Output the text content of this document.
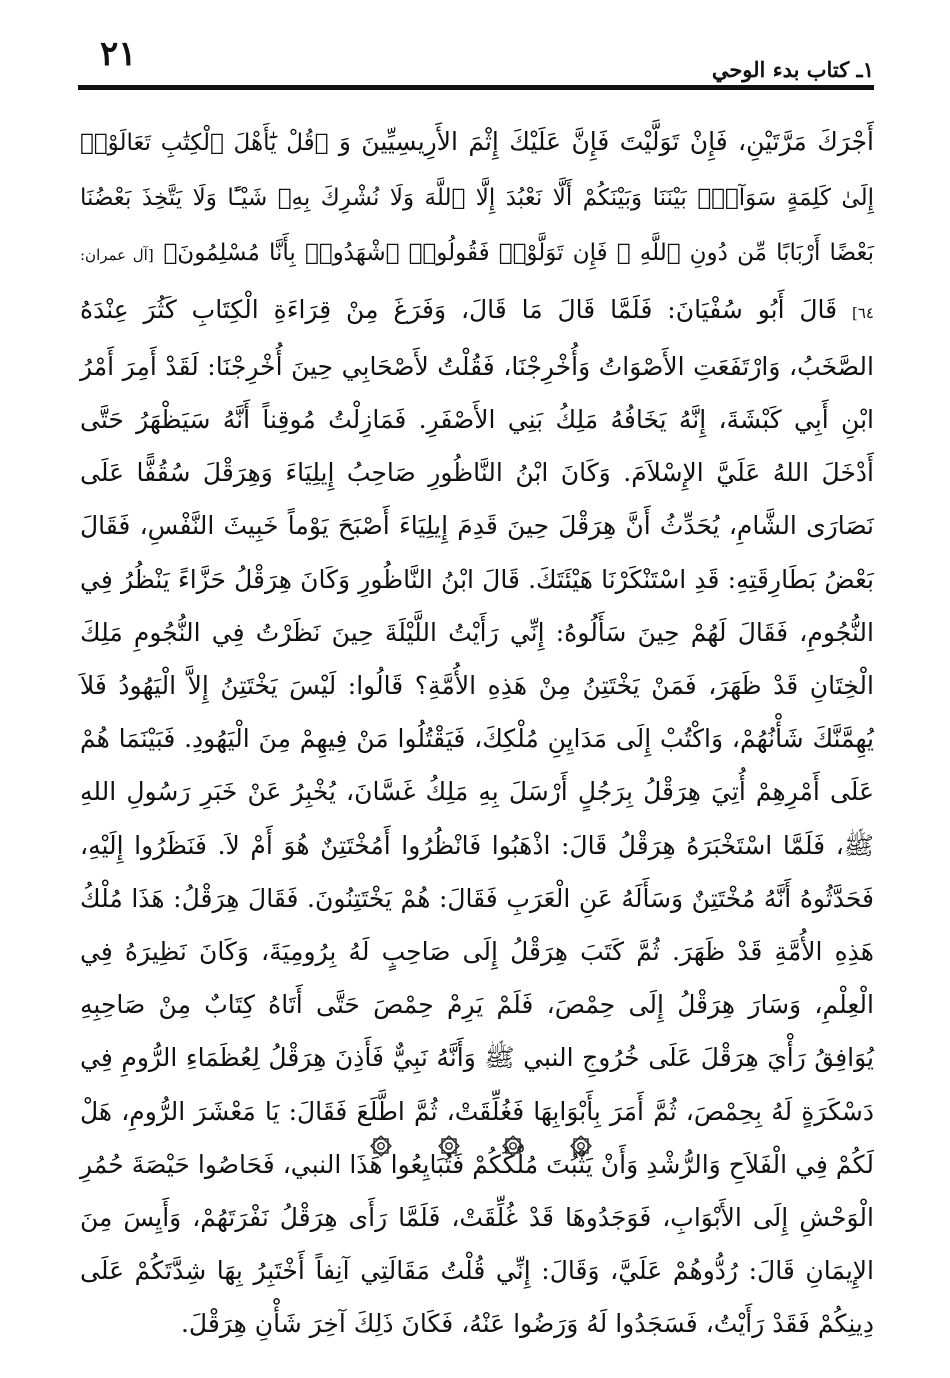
٢١	١ـ كتاب بدء الوحي

أَجْرَكَ مَرَّتَيْنِ، فَإِنْ تَوَلَّيْتَ فَإِنَّ عَلَيْكَ إِثْمَ الأَرِيسِيِّينَ وَ ﴿قُلْ يَٰٓأَهْلَ ٱلْكِتَٰبِ تَعَالَوْا۟ إِلَىٰ كَلِمَةٍ سَوَآءٍۭ بَيْنَنَا وَبَيْنَكُمْ أَلَّا نَعْبُدَ إِلَّا ٱللَّهَ وَلَا نُشْرِكَ بِهِۦ شَيْـًٔا وَلَا يَتَّخِذَ بَعْضُنَا بَعْضًا أَرْبَابًا مِّن دُونِ ٱللَّهِ ۚ فَإِن تَوَلَّوْا۟ فَقُولُوا۟ ٱشْهَدُوا۟ بِأَنَّا مُسْلِمُونَ﴾ [آل عمران: ٦٤] قَالَ أَبُو سُفْيَانَ: فَلَمَّا قَالَ مَا قَالَ، وَفَرَغَ مِنْ قِرَاءَةِ الْكِتَابِ كَثُرَ عِنْدَهُ الصَّخَبُ، وَارْتَفَعَتِ الأَصْوَاتُ وَأُخْرِجْنَا، فَقُلْتُ لأَصْحَابِي حِينَ أُخْرِجْنَا: لَقَدْ أَمِرَ أَمْرُ ابْنِ أَبِي كَبْشَةَ، إِنَّهُ يَخَافُهُ مَلِكُ بَنِي الأَصْفَرِ. فَمَازِلْتُ مُوقِناً أَنَّهُ سَيَظْهَرُ حَتَّى أَدْخَلَ اللهُ عَلَيَّ الإِسْلاَمَ. وَكَانَ ابْنُ النَّاظُورِ صَاحِبُ إِيلِيَاءَ وَهِرَقْلَ سُقُفًّا عَلَى نَصَارَى الشَّامِ، يُحَدِّثُ أَنَّ هِرَقْلَ حِينَ قَدِمَ إِيلِيَاءَ أَصْبَحَ يَوْماً خَبِيثَ النَّفْسِ، فَقَالَ بَعْضُ بَطَارِقَتِهِ: قَدِ اسْتَنْكَرْنَا هَيْئَتَكَ. قَالَ ابْنُ النَّاظُورِ وَكَانَ هِرَقْلُ حَزَّاءً يَنْظُرُ فِي النُّجُومِ، فَقَالَ لَهُمْ حِينَ سَأَلُوهُ: إِنِّي رَأَيْتُ اللَّيْلَةَ حِينَ نَظَرْتُ فِي النُّجُومِ مَلِكَ الْخِتَانِ قَدْ ظَهَرَ، فَمَنْ يَخْتَتِنُ مِنْ هَذِهِ الأُمَّةِ؟ قَالُوا: لَيْسَ يَخْتَتِنُ إِلاَّ الْيَهُودُ فَلاَ يُهِمَّنَّكَ شَأْنُهُمْ، وَاكْتُبْ إِلَى مَدَايِنِ مُلْكِكَ، فَيَقْتُلُوا مَنْ فِيهِمْ مِنَ الْيَهُودِ. فَبَيْنَمَا هُمْ عَلَى أَمْرِهِمْ أُتِيَ هِرَقْلُ بِرَجُلٍ أَرْسَلَ بِهِ مَلِكُ غَسَّانَ، يُخْبِرُ عَنْ خَبَرِ رَسُولِ اللهِ ﷺ، فَلَمَّا اسْتَخْبَرَهُ هِرَقْلُ قَالَ: اذْهَبُوا فَانْظُرُوا أَمُخْتَتِنٌ هُوَ أَمْ لاَ. فَنَظَرُوا إِلَيْهِ، فَحَدَّثُوهُ أَنَّهُ مُخْتَتِنٌ وَسَأَلَهُ عَنِ الْعَرَبِ فَقَالَ: هُمْ يَخْتَتِنُونَ. فَقَالَ هِرَقْلُ: هَذَا مُلْكُ هَذِهِ الأُمَّةِ قَدْ ظَهَرَ. ثُمَّ كَتَبَ هِرَقْلُ إِلَى صَاحِبٍ لَهُ بِرُومِيَةَ، وَكَانَ نَظِيرَهُ فِي الْعِلْمِ، وَسَارَ هِرَقْلُ إِلَى حِمْصَ، فَلَمْ يَرِمْ حِمْصَ حَتَّى أَتَاهُ كِتَابٌ مِنْ صَاحِبِهِ يُوَافِقُ رَأْيَ هِرَقْلَ عَلَى خُرُوجِ النبي ﷺ وَأَنَّهُ نَبِيٌّ فَأَذِنَ هِرَقْلُ لِعُظَمَاءِ الرُّومِ فِي دَسْكَرَةٍ لَهُ بِحِمْصَ، ثُمَّ أَمَرَ بِأَبْوَابِهَا فَغُلِّقَتْ، ثُمَّ اطَّلَعَ فَقَالَ: يَا مَعْشَرَ الرُّومِ، هَلْ لَكُمْ فِي الْفَلاَحِ وَالرُّشْدِ وَأَنْ يَثْبُتَ مُلْكُكُمْ فَتُبَايِعُوا هَذَا النبي، فَحَاصُوا حَيْصَةَ حُمُرِ الْوَحْشِ إِلَى الأَبْوَابِ، فَوَجَدُوهَا قَدْ غُلِّقَتْ، فَلَمَّا رَأَى هِرَقْلُ نَفْرَتَهُمْ، وَأَيِسَ مِنَ الإِيمَانِ قَالَ: رُدُّوهُمْ عَلَيَّ، وَقَالَ: إِنِّي قُلْتُ مَقَالَتِي آنِفاً أَخْتَبِرُ بِهَا شِدَّتَكُمْ عَلَى دِينِكُمْ فَقَدْ رَأَيْتُ، فَسَجَدُوا لَهُ وَرَضُوا عَنْهُ، فَكَانَ ذَلِكَ آخِرَ شَأْنِ هِرَقْلَ.
